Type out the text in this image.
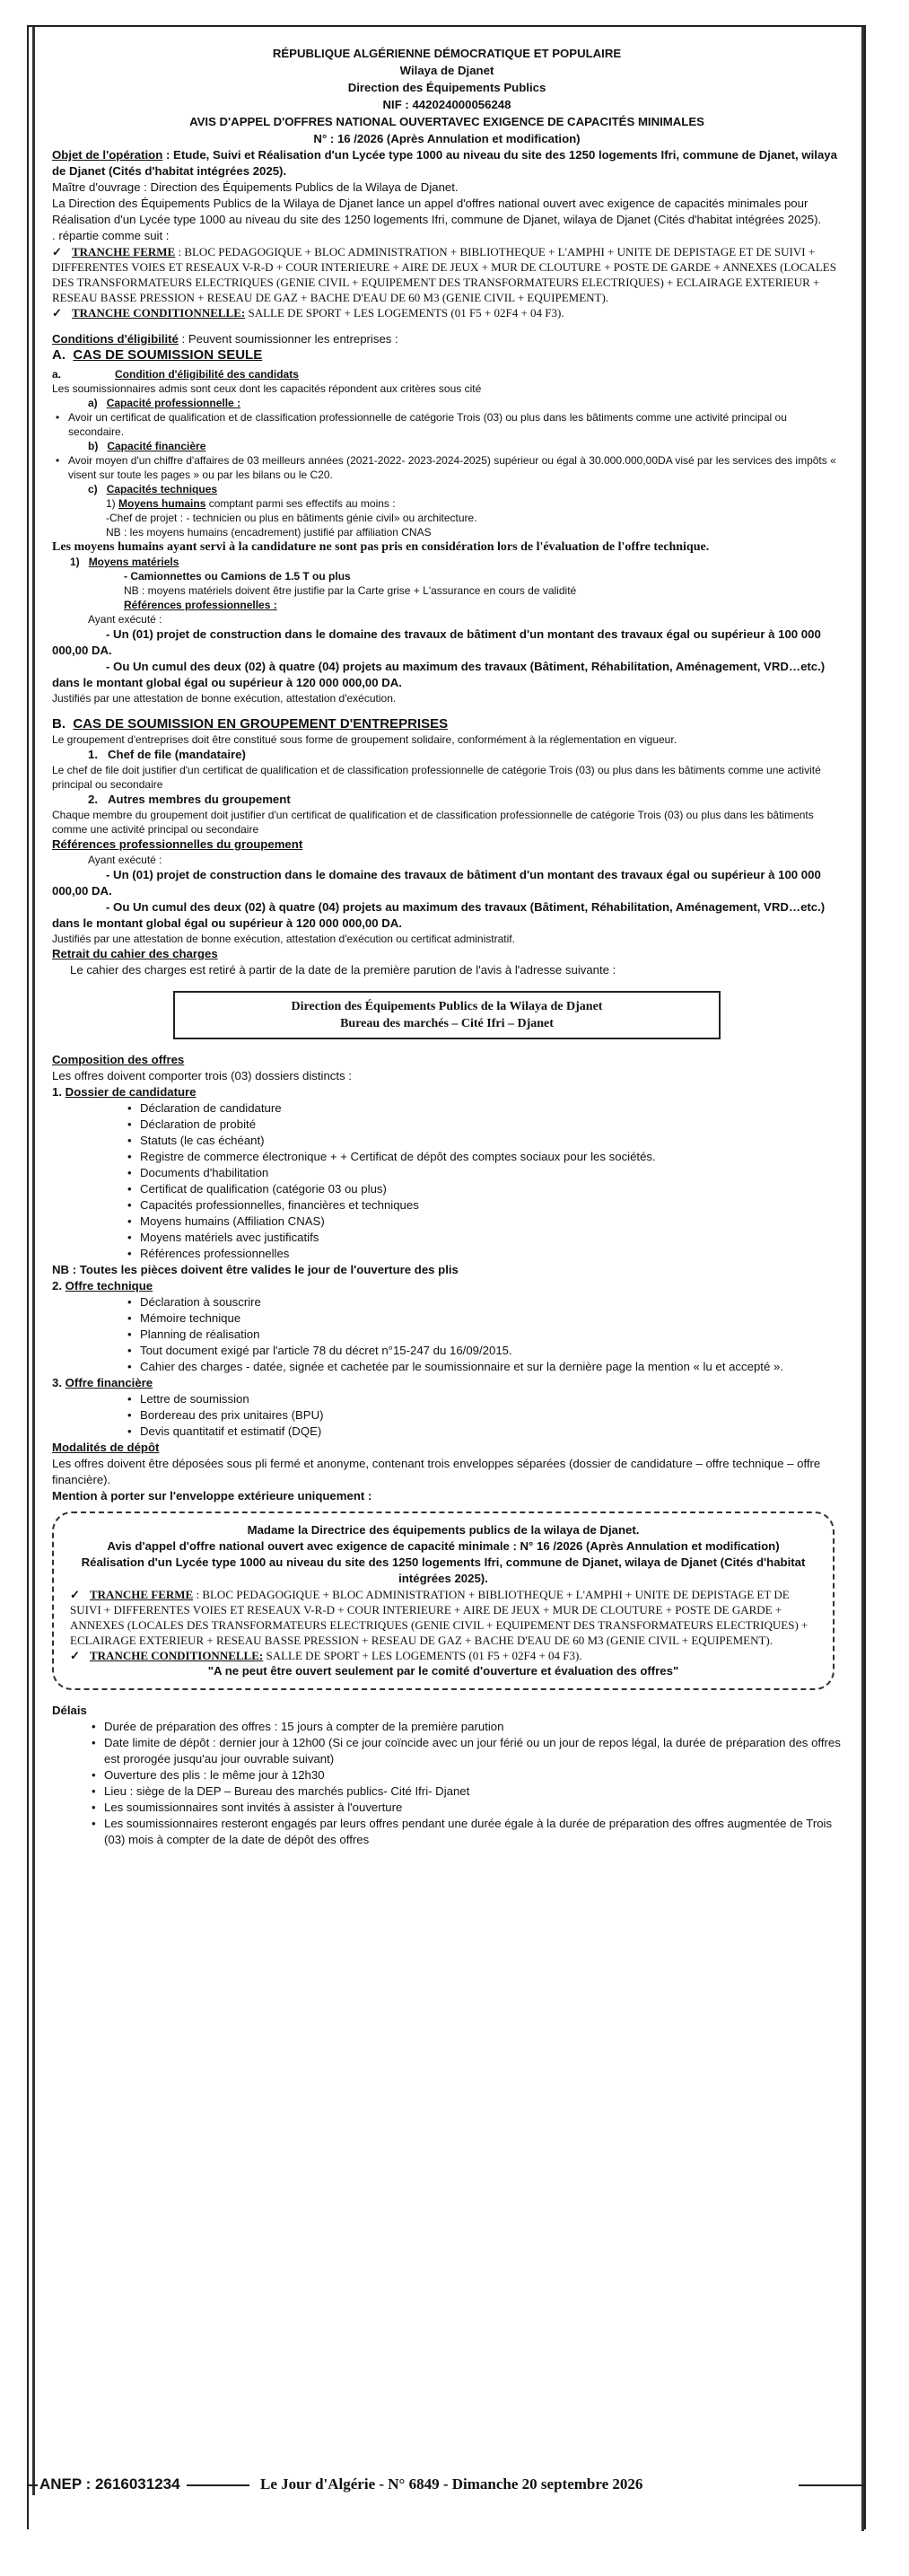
RÉPUBLIQUE ALGÉRIENNE DÉMOCRATIQUE ET POPULAIRE
Wilaya de Djanet
Direction des Équipements Publics
NIF : 442024000056248
AVIS D'APPEL D'OFFRES NATIONAL OUVERTAVEC EXIGENCE DE CAPACITÉS MINIMALES
N° : 16 /2026 (Après Annulation et modification)

Objet de l'opération : Etude, Suivi et Réalisation d'un Lycée type 1000 au niveau du site des 1250 logements Ifri, commune de Djanet, wilaya de Djanet (Cités d'habitat intégrées 2025).

Maître d'ouvrage : Direction des Équipements Publics de la Wilaya de Djanet.

La Direction des Équipements Publics de la Wilaya de Djanet lance un appel d'offres national ouvert avec exigence de capacités minimales pour Réalisation d'un Lycée type 1000 au niveau du site des 1250 logements Ifri, commune de Djanet, wilaya de Djanet (Cités d'habitat intégrées 2025).

. répartie comme suit :

✓ TRANCHE FERME : BLOC PEDAGOGIQUE + BLOC ADMINISTRATION + BIBLIOTHEQUE + L'AMPHI + UNITE DE DEPISTAGE ET DE SUIVI + DIFFERENTES VOIES ET RESEAUX V-R-D + COUR INTERIEURE + AIRE DE JEUX + MUR DE CLOUTURE + POSTE DE GARDE + ANNEXES (LOCALES DES TRANSFORMATEURS ELECTRIQUES (GENIE CIVIL + EQUIPEMENT DES TRANSFORMATEURS ELECTRIQUES) + ECLAIRAGE EXTERIEUR + RESEAU BASSE PRESSION + RESEAU DE GAZ + BACHE D'EAU DE 60 M3 (GENIE CIVIL + EQUIPEMENT).

✓ TRANCHE CONDITIONNELLE: SALLE DE SPORT + LES LOGEMENTS (01 F5 + 02F4 + 04 F3).

Conditions d'éligibilité : Peuvent soumissionner les entreprises :

A. CAS DE SOUMISSION SEULE

a.	Condition d'éligibilité des candidats

Les soumissionnaires admis sont ceux dont les capacités répondent aux critères sous cité

a) Capacité professionnelle :

• Avoir un certificat de qualification et de classification professionnelle de catégorie Trois (03) ou plus dans les bâtiments comme une activité principal ou secondaire.

b) Capacité financière

• Avoir moyen d'un chiffre d'affaires de 03 meilleurs années (2021-2022- 2023-2024-2025) supérieur ou égal à 30.000.000,00DA visé par les services des impôts « visent sur toute les pages » ou par les bilans ou le C20.

c) Capacités techniques

1) Moyens humains comptant parmi ses effectifs au moins :

-Chef de projet : - technicien ou plus en bâtiments génie civil» ou architecture.

NB : les moyens humains (encadrement) justifié par affiliation CNAS

Les moyens humains ayant servi à la candidature ne sont pas pris en considération lors de l'évaluation de l'offre technique.

1) Moyens matériels

- Camionnettes ou Camions de 1.5 T ou plus

NB : moyens matériels doivent être justifie par la Carte grise + L'assurance en cours de validité

Références professionnelles :

Ayant exécuté :

- Un (01) projet de construction dans le domaine des travaux de bâtiment d'un montant des travaux égal ou supérieur à 100 000 000,00 DA.

- Ou Un cumul des deux (02) à quatre (04) projets au maximum des travaux (Bâtiment, Réhabilitation, Aménagement, VRD…etc.) dans le montant global égal ou supérieur à 120 000 000,00 DA.

Justifiés par une attestation de bonne exécution, attestation d'exécution.

B. CAS DE SOUMISSION EN GROUPEMENT D'ENTREPRISES

Le groupement d'entreprises doit être constitué sous forme de groupement solidaire, conformément à la réglementation en vigueur.

1. Chef de file (mandataire)

Le chef de file doit justifier d'un certificat de qualification et de classification professionnelle de catégorie Trois (03) ou plus dans les bâtiments comme une activité principal ou secondaire

2. Autres membres du groupement

Chaque membre du groupement doit justifier d'un certificat de qualification et de classification professionnelle de catégorie Trois (03) ou plus dans les bâtiments comme une activité principal ou secondaire

Références professionnelles du groupement

Ayant exécuté :

- Un (01) projet de construction dans le domaine des travaux de bâtiment d'un montant des travaux égal ou supérieur à 100 000 000,00 DA.

- Ou Un cumul des deux (02) à quatre (04) projets au maximum des travaux (Bâtiment, Réhabilitation, Aménagement, VRD…etc.) dans le montant global égal ou supérieur à 120 000 000,00 DA.

Justifiés par une attestation de bonne exécution, attestation d'exécution ou certificat administratif.

Retrait du cahier des charges

Le cahier des charges est retiré à partir de la date de la première parution de l'avis à l'adresse suivante :

Direction des Équipements Publics de la Wilaya de Djanet
Bureau des marchés – Cité Ifri – Djanet

Composition des offres

Les offres doivent comporter trois (03) dossiers distincts :

1. Dossier de candidature

• Déclaration de candidature
• Déclaration de probité
• Statuts (le cas échéant)
• Registre de commerce électronique + + Certificat de dépôt des comptes sociaux pour les sociétés.
• Documents d'habilitation
• Certificat de qualification (catégorie 03 ou plus)
• Capacités professionnelles, financières et techniques
• Moyens humains (Affiliation CNAS)
• Moyens matériels avec justificatifs
• Références professionnelles

NB : Toutes les pièces doivent être valides le jour de l'ouverture des plis

2. Offre technique

• Déclaration à souscrire
• Mémoire technique
• Planning de réalisation
• Tout document exigé par l'article 78 du décret n°15-247 du 16/09/2015.
• Cahier des charges - datée, signée et cachetée par le soumissionnaire et sur la dernière page la mention « lu et accepté ».

3. Offre financière

• Lettre de soumission
• Bordereau des prix unitaires (BPU)
• Devis quantitatif et estimatif (DQE)

Modalités de dépôt

Les offres doivent être déposées sous pli fermé et anonyme, contenant trois enveloppes séparées (dossier de candidature – offre technique – offre financière).

Mention à porter sur l'enveloppe extérieure uniquement :

Madame la Directrice des équipements publics de la wilaya de Djanet.

Avis d'appel d'offre national ouvert avec exigence de capacité minimale : N° 16 /2026 (Après Annulation et modification)

Réalisation d'un Lycée type 1000 au niveau du site des 1250 logements Ifri, commune de Djanet, wilaya de Djanet (Cités d'habitat intégrées 2025).

✓ TRANCHE FERME : BLOC PEDAGOGIQUE + BLOC ADMINISTRATION + BIBLIOTHEQUE + L'AMPHI + UNITE DE DEPISTAGE ET DE SUIVI + DIFFERENTES VOIES ET RESEAUX V-R-D + COUR INTERIEURE + AIRE DE JEUX + MUR DE CLOUTURE + POSTE DE GARDE + ANNEXES (LOCALES DES TRANSFORMATEURS ELECTRIQUES (GENIE CIVIL + EQUIPEMENT DES TRANSFORMATEURS ELECTRIQUES) + ECLAIRAGE EXTERIEUR + RESEAU BASSE PRESSION + RESEAU DE GAZ + BACHE D'EAU DE 60 M3 (GENIE CIVIL + EQUIPEMENT).

✓ TRANCHE CONDITIONNELLE: SALLE DE SPORT + LES LOGEMENTS (01 F5 + 02F4 + 04 F3).

"A ne peut être ouvert seulement par le comité d'ouverture et évaluation des offres"

Délais

• Durée de préparation des offres : 15 jours à compter de la première parution
• Date limite de dépôt : dernier jour à 12h00 (Si ce jour coïncide avec un jour férié ou un jour de repos légal, la durée de préparation des offres est prorogée jusqu'au jour ouvrable suivant)
• Ouverture des plis : le même jour à 12h30
• Lieu : siège de la DEP – Bureau des marchés publics- Cité Ifri- Djanet
• Les soumissionnaires sont invités à assister à l'ouverture
• Les soumissionnaires resteront engagés par leurs offres pendant une durée égale à la durée de préparation des offres augmentée de Trois (03) mois à compter de la date de dépôt des offres
ANEP : 2616031234	Le Jour d'Algérie - N° 6849 - Dimanche 20 septembre 2026
